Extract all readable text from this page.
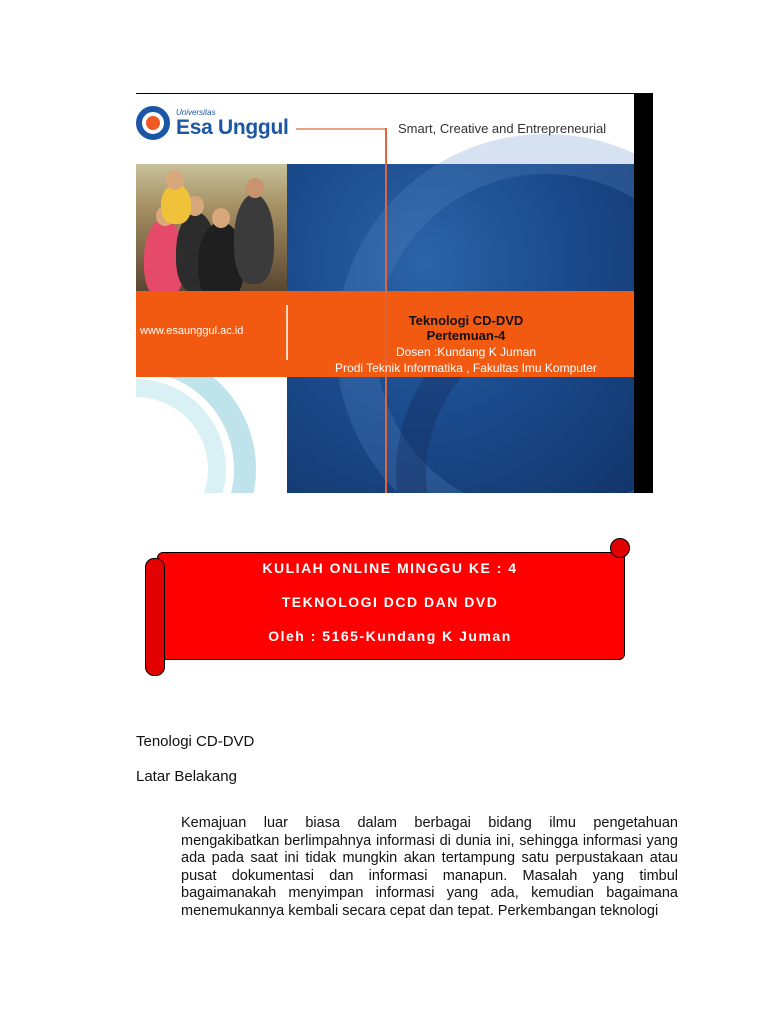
Universitas
Esa Unggul	Smart, Creative and Entrepreneurial
www.esaunggul.ac.id
Teknologi CD-DVD
Pertemuan-4
Dosen :Kundang K Juman
Prodi Teknik Informatika , Fakultas Imu Komputer
KULIAH ONLINE MINGGU KE : 4
TEKNOLOGI DCD DAN DVD
Oleh : 5165-Kundang K Juman
Tenologi CD-DVD
Latar Belakang
Kemajuan luar biasa dalam berbagai bidang ilmu pengetahuan mengakibatkan berlimpahnya informasi di dunia ini, sehingga informasi yang ada pada saat ini tidak mungkin akan tertampung satu perpustakaan atau pusat dokumentasi dan informasi manapun. Masalah yang timbul bagaimanakah menyimpan informasi yang ada, kemudian bagaimana menemukannya kembali secara cepat dan tepat. Perkembangan teknologi
